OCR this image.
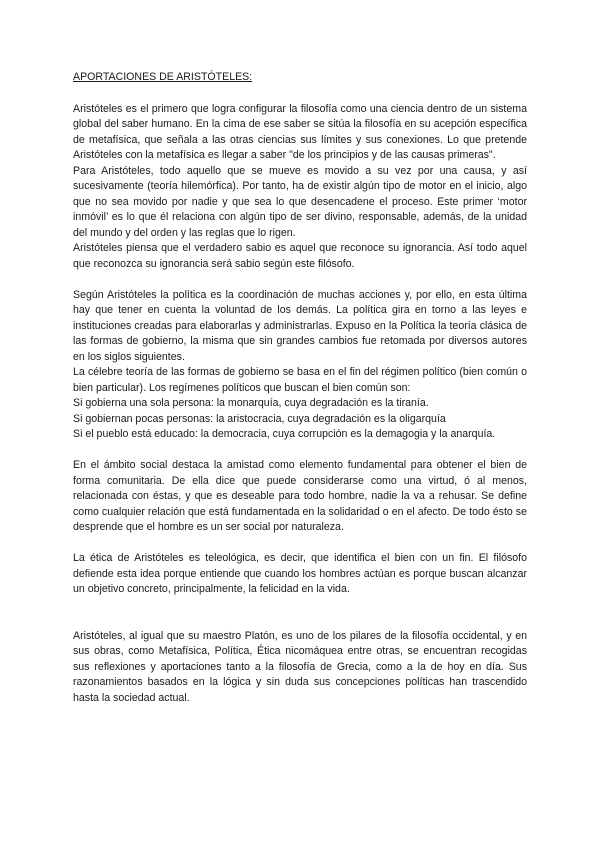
APORTACIONES DE ARISTÓTELES:

Aristóteles es el primero que logra configurar la filosofía como una ciencia dentro de un sistema global del saber humano. En la cima de ese saber se sitúa la filosofía en su acepción específica de metafísica, que señala a las otras ciencias sus límites y sus conexiones. Lo que pretende Aristóteles con la metafísica es llegar a saber "de los principios y de las causas primeras".

Para Aristóteles, todo aquello que se mueve es movido a su vez por una causa, y así sucesivamente (teoría hilemórfica). Por tanto, ha de existir algún tipo de motor en el inicio, algo que no sea movido por nadie y que sea lo que desencadene el proceso. Este primer ‘motor inmóvil’ es lo que él relaciona con algún tipo de ser divino, responsable, además, de la unidad del mundo y del orden y las reglas que lo rigen.

Aristóteles piensa que el verdadero sabio es aquel que reconoce su ignorancia. Así todo aquel que reconozca su ignorancia será sabio según este filósofo.

Según Aristóteles la política es la coordinación de muchas acciones y, por ello, en esta última hay que tener en cuenta la voluntad de los demás. La política gira en torno a las leyes e instituciones creadas para elaborarlas y administrarlas. Expuso en la Política la teoría clásica de las formas de gobierno, la misma que sin grandes cambios fue retomada por diversos autores en los siglos siguientes.

La célebre teoría de las formas de gobierno se basa en el fin del régimen político (bien común o bien particular). Los regímenes políticos que buscan el bien común son:

Si gobierna una sola persona: la monarquía, cuya degradación es la tiranía.

Si gobiernan pocas personas: la aristocracia, cuya degradación es la oligarquía

Si el pueblo está educado: la democracia, cuya corrupción es la demagogia y la anarquía.

En el ámbito social destaca la amistad como elemento fundamental para obtener el bien de forma comunitaria. De ella dice que puede considerarse como una virtud, ó al menos, relacionada con éstas, y que es deseable para todo hombre, nadie la va a rehusar. Se define como cualquier relación que está fundamentada en la solidaridad o en el afecto. De todo ésto se desprende que el hombre es un ser social por naturaleza.

La ética de Aristóteles es teleológica, es decir, que identifica el bien con un fin. El filósofo defiende esta idea porque entiende que cuando los hombres actúan es porque buscan alcanzar un objetivo concreto, principalmente, la felicidad en la vida.

Aristóteles, al igual que su maestro Platón, es uno de los pilares de la filosofía occidental, y en sus obras, como Metafísica, Política, Ética nicomáquea entre otras, se encuentran recogidas sus reflexiones y aportaciones tanto a la filosofía de Grecia, como a la de hoy en día. Sus razonamientos basados en la lógica y sin duda sus concepciones políticas han trascendido hasta la sociedad actual.
